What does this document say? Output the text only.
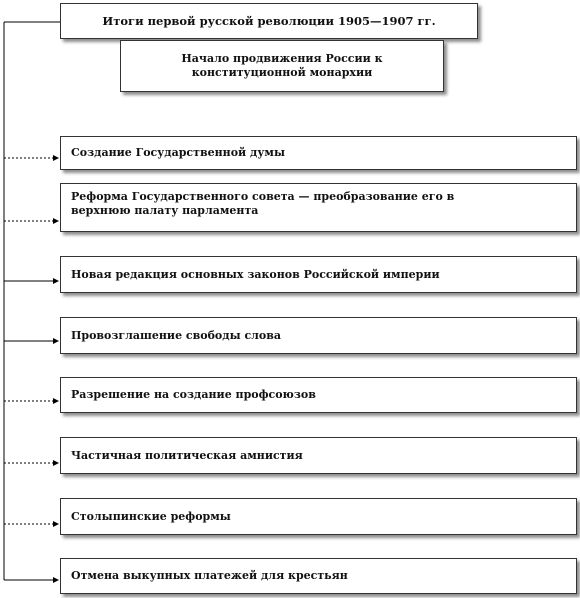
Итоги первой русской революции 1905—1907 гг.
Начало продвижения России к конституционной монархии
Создание Государственной думы
Реформа Государственного совета — преобразование его в верхнюю палату парламента
Новая редакция основных законов Российской империи
Провозглашение свободы слова
Разрешение на создание профсоюзов
Частичная политическая амнистия
Столыпинские реформы
Отмена выкупных платежей для крестьян
